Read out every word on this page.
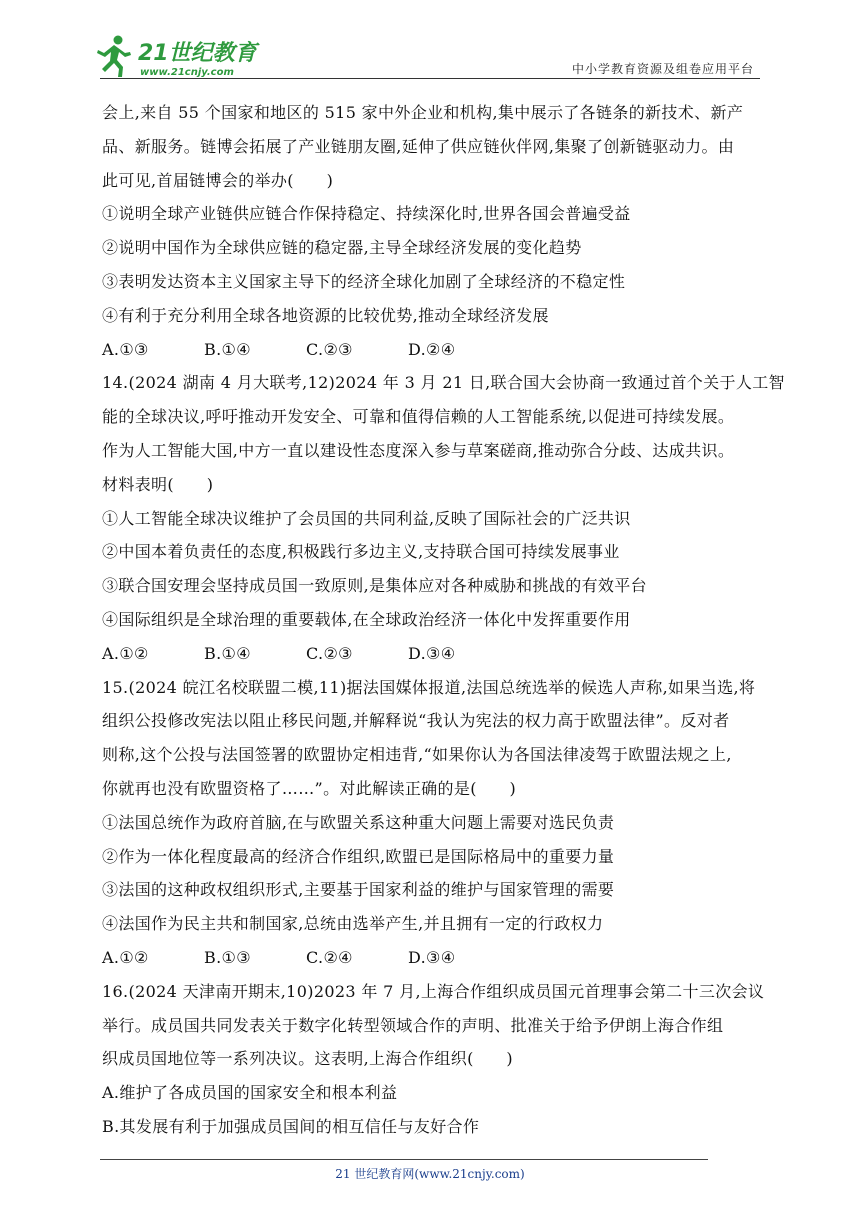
21世纪教育
www.21cnjy.com	中小学教育资源及组卷应用平台
会上,来自 55 个国家和地区的 515 家中外企业和机构,集中展示了各链条的新技术、新产
品、新服务。链博会拓展了产业链朋友圈,延伸了供应链伙伴网,集聚了创新链驱动力。由
此可见,首届链博会的举办(　　)
①说明全球产业链供应链合作保持稳定、持续深化时,世界各国会普遍受益
②说明中国作为全球供应链的稳定器,主导全球经济发展的变化趋势
③表明发达资本主义国家主导下的经济全球化加剧了全球经济的不稳定性
④有利于充分利用全球各地资源的比较优势,推动全球经济发展
A.①③	B.①④	C.②③	D.②④
14.(2024 湖南 4 月大联考,12)2024 年 3 月 21 日,联合国大会协商一致通过首个关于人工智
能的全球决议,呼吁推动开发安全、可靠和值得信赖的人工智能系统,以促进可持续发展。
作为人工智能大国,中方一直以建设性态度深入参与草案磋商,推动弥合分歧、达成共识。
材料表明(　　)
①人工智能全球决议维护了会员国的共同利益,反映了国际社会的广泛共识
②中国本着负责任的态度,积极践行多边主义,支持联合国可持续发展事业
③联合国安理会坚持成员国一致原则,是集体应对各种威胁和挑战的有效平台
④国际组织是全球治理的重要载体,在全球政治经济一体化中发挥重要作用
A.①②	B.①④	C.②③	D.③④
15.(2024 皖江名校联盟二模,11)据法国媒体报道,法国总统选举的候选人声称,如果当选,将
组织公投修改宪法以阻止移民问题,并解释说“我认为宪法的权力高于欧盟法律”。反对者
则称,这个公投与法国签署的欧盟协定相违背,“如果你认为各国法律凌驾于欧盟法规之上,
你就再也没有欧盟资格了……”。对此解读正确的是(　　)
①法国总统作为政府首脑,在与欧盟关系这种重大问题上需要对选民负责
②作为一体化程度最高的经济合作组织,欧盟已是国际格局中的重要力量
③法国的这种政权组织形式,主要基于国家利益的维护与国家管理的需要
④法国作为民主共和制国家,总统由选举产生,并且拥有一定的行政权力
A.①②	B.①③	C.②④	D.③④
16.(2024 天津南开期末,10)2023 年 7 月,上海合作组织成员国元首理事会第二十三次会议
举行。成员国共同发表关于数字化转型领域合作的声明、批准关于给予伊朗上海合作组
织成员国地位等一系列决议。这表明,上海合作组织(　　)
A.维护了各成员国的国家安全和根本利益
B.其发展有利于加强成员国间的相互信任与友好合作
21 世纪教育网(www.21cnjy.com)
